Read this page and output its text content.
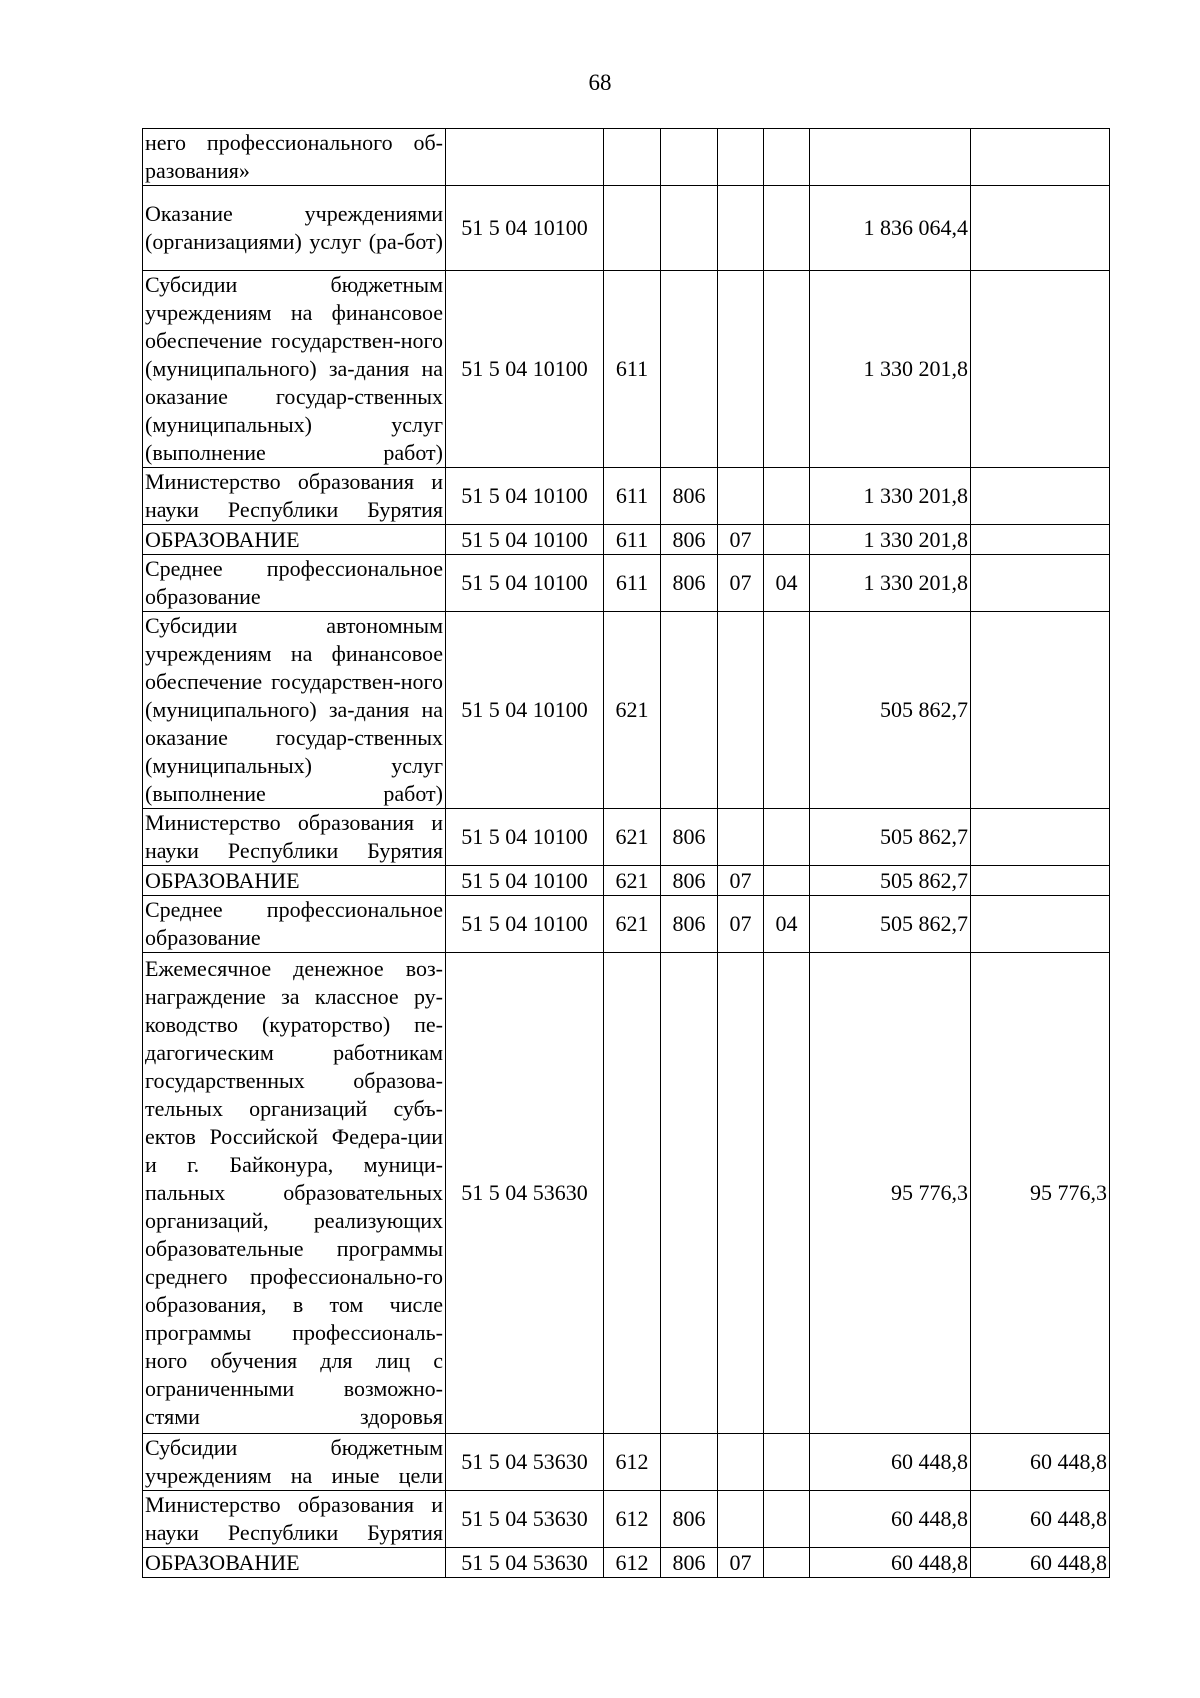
68
него профессионального об-разования»							
Оказание учреждениями (организациями) услуг (ра-бот)	51 5 04 10100					1 836 064,4	
Субсидии бюджетным учреждениям на финансовое обеспечение государствен-ного (муниципального) за-дания на оказание государ-ственных (муниципальных) услуг (выполнение работ)	51 5 04 10100	611				1 330 201,8	
Министерство образования и науки Республики Бурятия	51 5 04 10100	611	806			1 330 201,8	
ОБРАЗОВАНИЕ	51 5 04 10100	611	806	07		1 330 201,8	
Среднее профессиональное образование	51 5 04 10100	611	806	07	04	1 330 201,8	
Субсидии автономным учреждениям на финансовое обеспечение государствен-ного (муниципального) за-дания на оказание государ-ственных (муниципальных) услуг (выполнение работ)	51 5 04 10100	621				505 862,7	
Министерство образования и науки Республики Бурятия	51 5 04 10100	621	806			505 862,7	
ОБРАЗОВАНИЕ	51 5 04 10100	621	806	07		505 862,7	
Среднее профессиональное образование	51 5 04 10100	621	806	07	04	505 862,7	
Ежемесячное денежное воз-награждение за классное ру-ководство (кураторство) пе-дагогическим работникам государственных образова-тельных организаций субъ-ектов Российской Федера-ции и г. Байконура, муници-пальных образовательных организаций, реализующих образовательные программы среднего профессионально-го образования, в том числе программы профессиональ-ного обучения для лиц с ограниченными возможно-стями здоровья	51 5 04 53630					95 776,3	95 776,3
Субсидии бюджетным учреждениям на иные цели	51 5 04 53630	612				60 448,8	60 448,8
Министерство образования и науки Республики Бурятия	51 5 04 53630	612	806			60 448,8	60 448,8
ОБРАЗОВАНИЕ	51 5 04 53630	612	806	07		60 448,8	60 448,8
